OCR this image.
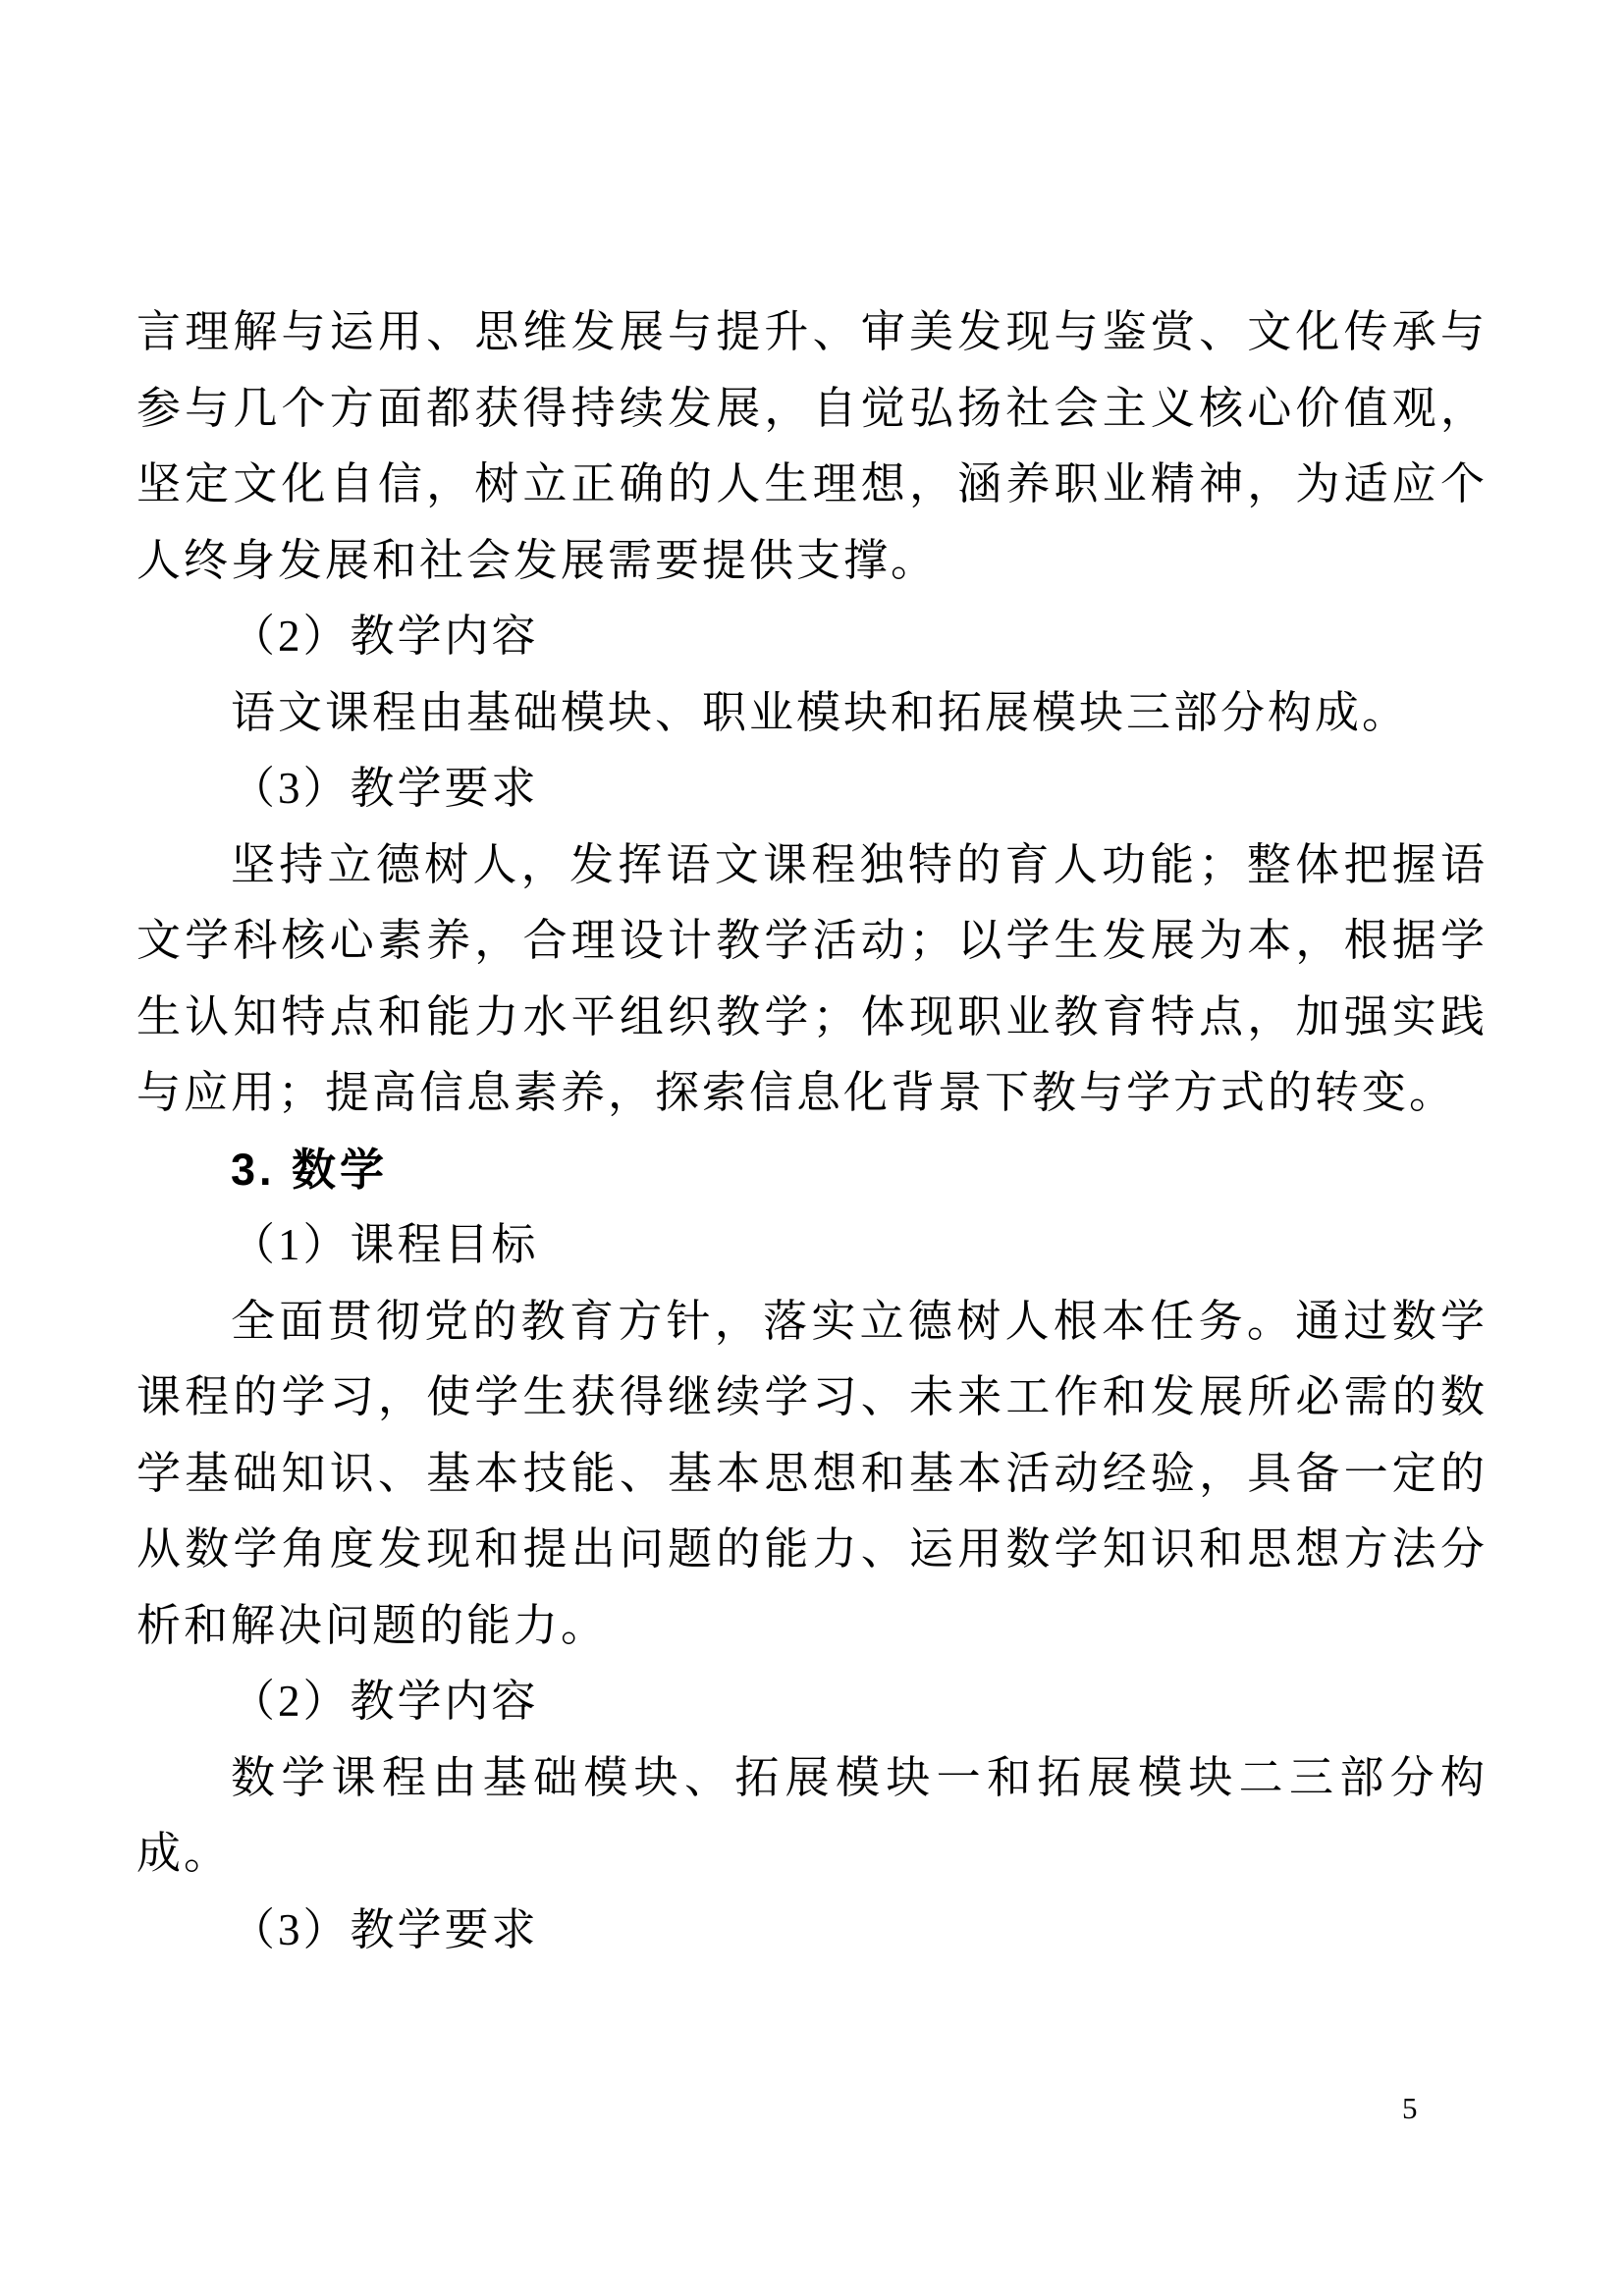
言理解与运用、思维发展与提升、审美发现与鉴赏、文化传承与参与几个方面都获得持续发展，自觉弘扬社会主义核心价值观，坚定文化自信，树立正确的人生理想，涵养职业精神，为适应个人终身发展和社会发展需要提供支撑。

（2）教学内容

语文课程由基础模块、职业模块和拓展模块三部分构成。

（3）教学要求

坚持立德树人，发挥语文课程独特的育人功能；整体把握语文学科核心素养，合理设计教学活动；以学生发展为本，根据学生认知特点和能力水平组织教学；体现职业教育特点，加强实践与应用；提高信息素养，探索信息化背景下教与学方式的转变。

3. 数学

（1）课程目标

全面贯彻党的教育方针，落实立德树人根本任务。通过数学课程的学习，使学生获得继续学习、未来工作和发展所必需的数学基础知识、基本技能、基本思想和基本活动经验，具备一定的从数学角度发现和提出问题的能力、运用数学知识和思想方法分析和解决问题的能力。

（2）教学内容

数学课程由基础模块、拓展模块一和拓展模块二三部分构成。

（3）教学要求

5
